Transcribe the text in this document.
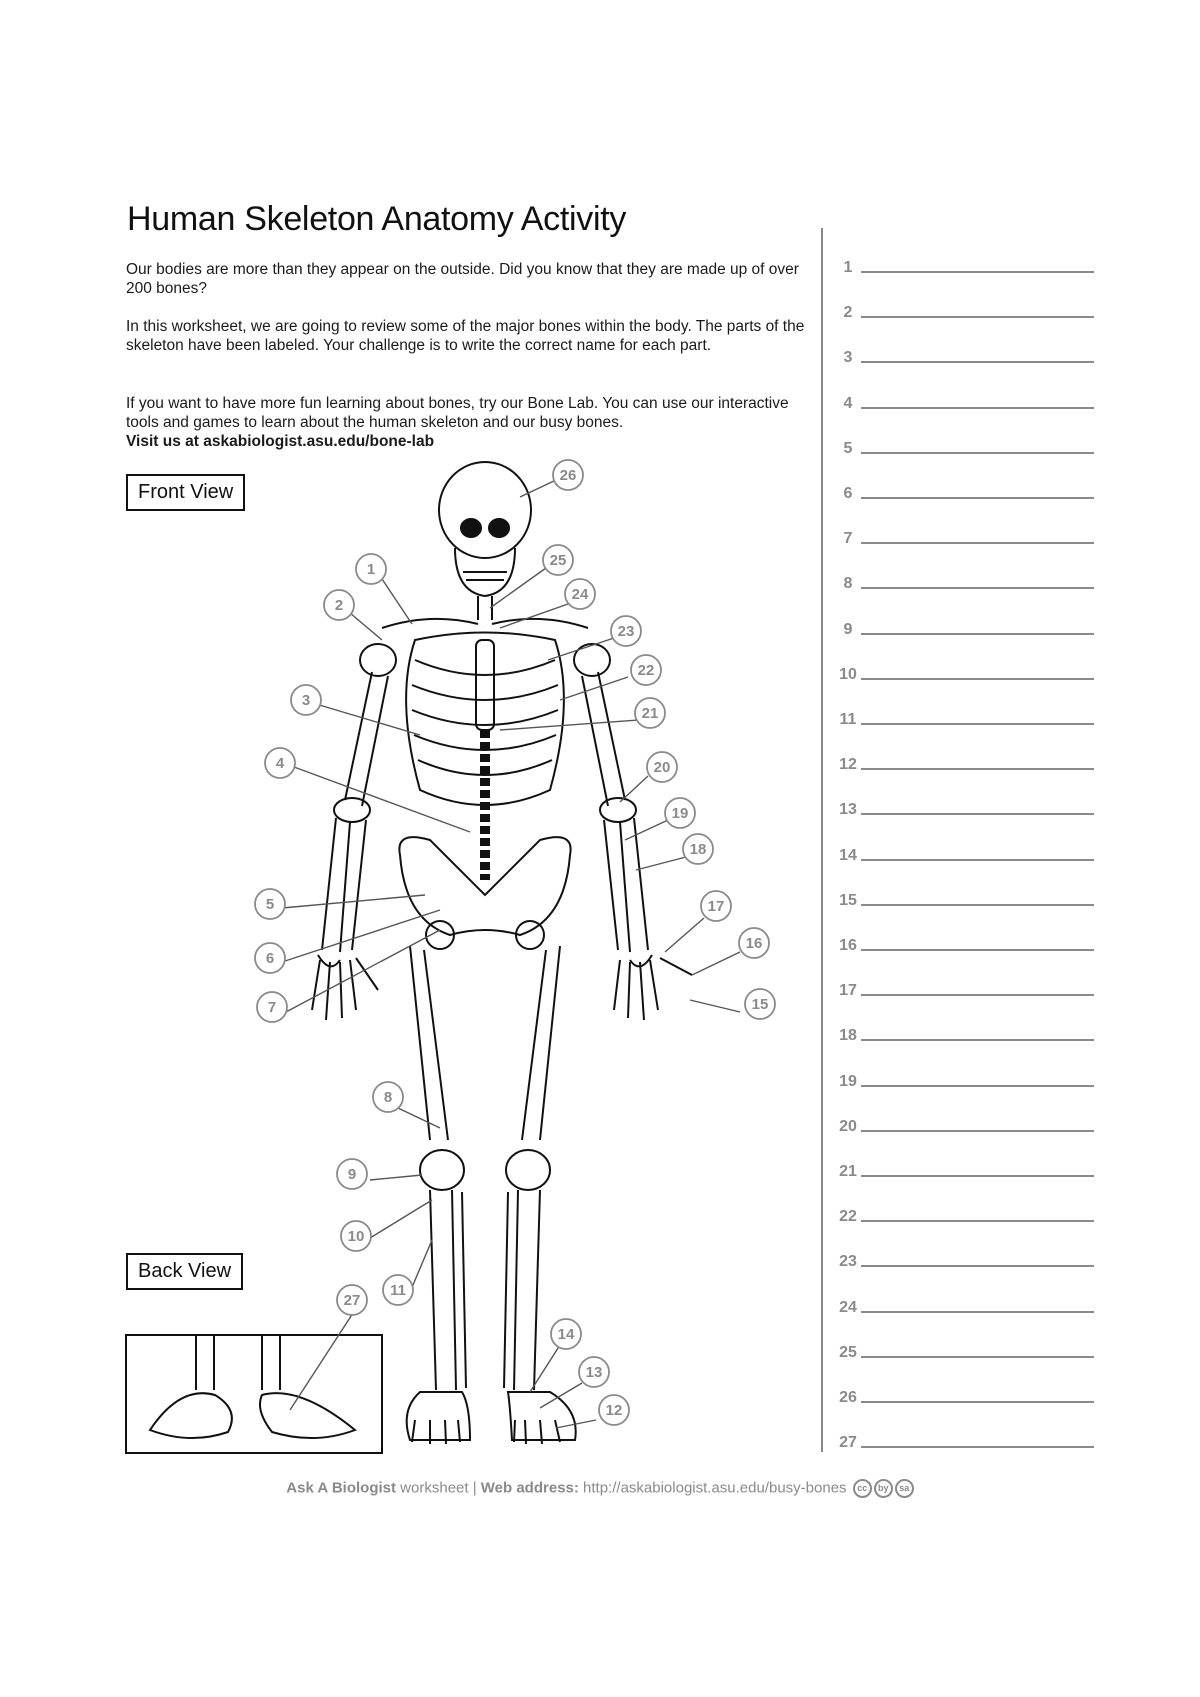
Human Skeleton Anatomy Activity
Our bodies are more than they appear on the outside. Did you know that they are made up of over 200 bones?
In this worksheet, we are going to review some of the major bones within the body. The parts of the skeleton have been labeled. Your challenge is to write the correct name for each part.
If you want to have more fun learning about bones, try our Bone Lab. You can use our interactive tools and games to learn about the human skeleton and our busy bones.
Visit us at askabiologist.asu.edu/bone-lab
Front View
Back View
1
2
3
4
5
6
7
8
9
10
11
12
13
14
15
16
17
18
19
20
21
22
23
24
25
26
27
1
2
3
4
5
6
7
8
9
10
11
12
13
14
15
16
17
18
19
20
21
22
23
24
25
26
27
Ask A Biologist worksheet | Web address: http://askabiologist.asu.edu/busy-bones cc by sa
